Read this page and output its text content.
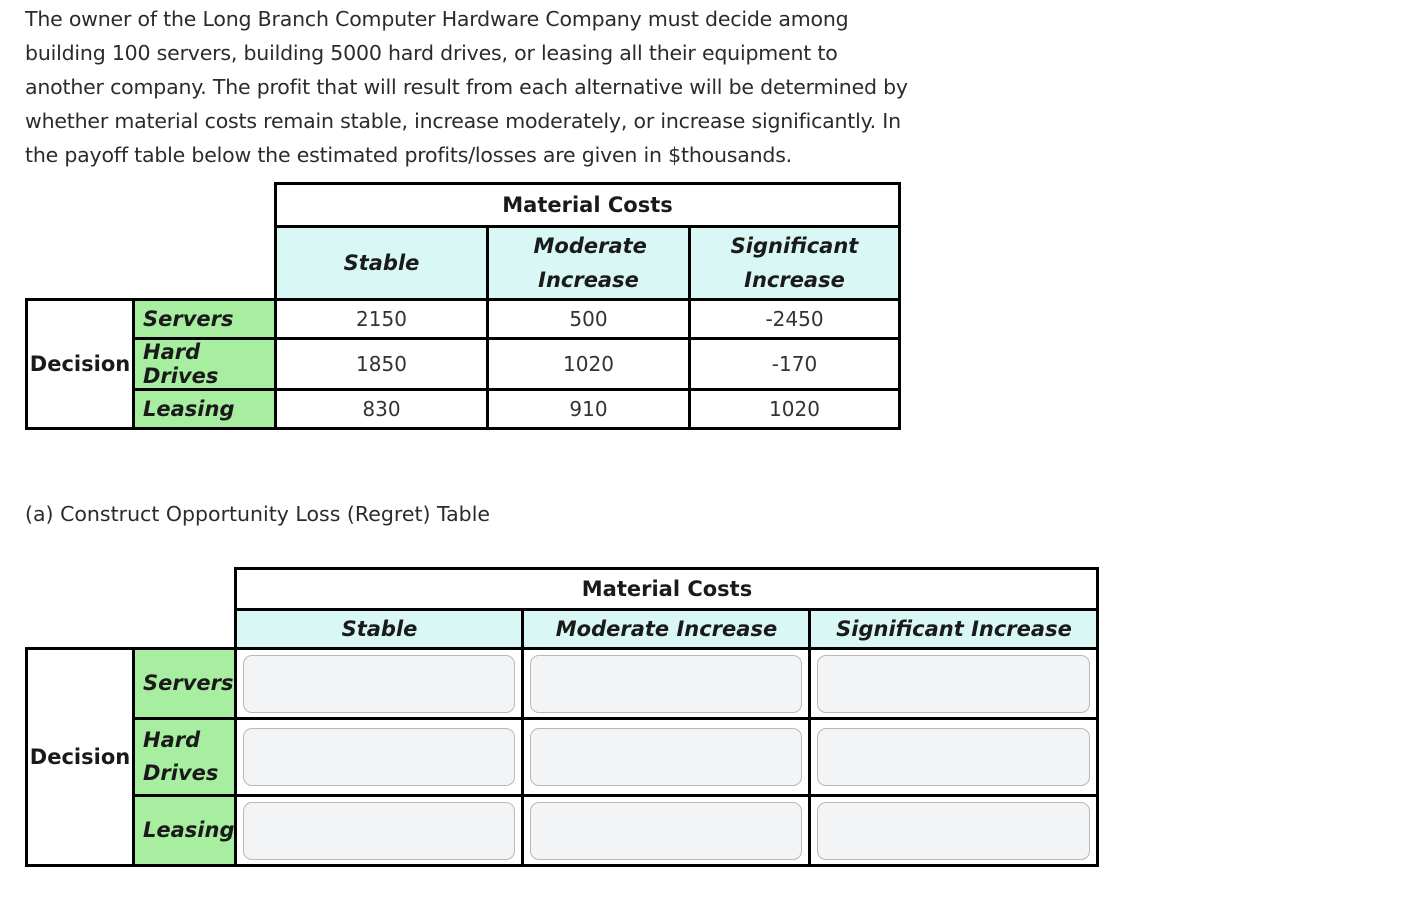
The owner of the Long Branch Computer Hardware Company must decide among building 100 servers, building 5000 hard drives, or leasing all their equipment to another company. The profit that will result from each alternative will be determined by whether material costs remain stable, increase moderately, or increase significantly. In the payoff table below the estimated profits/losses are given in $thousands.

		Material Costs		
		Stable	Moderate Increase	Significant Increase

Decision	Servers	2150	500	-2450
	Hard Drives	1850	1020	-170
	Leasing	830	910	1020

(a) Construct Opportunity Loss (Regret) Table

		Material Costs		
		Stable	Moderate Increase	Significant Increase
Decision	Servers	

	Hard Drives

	Leasing	
